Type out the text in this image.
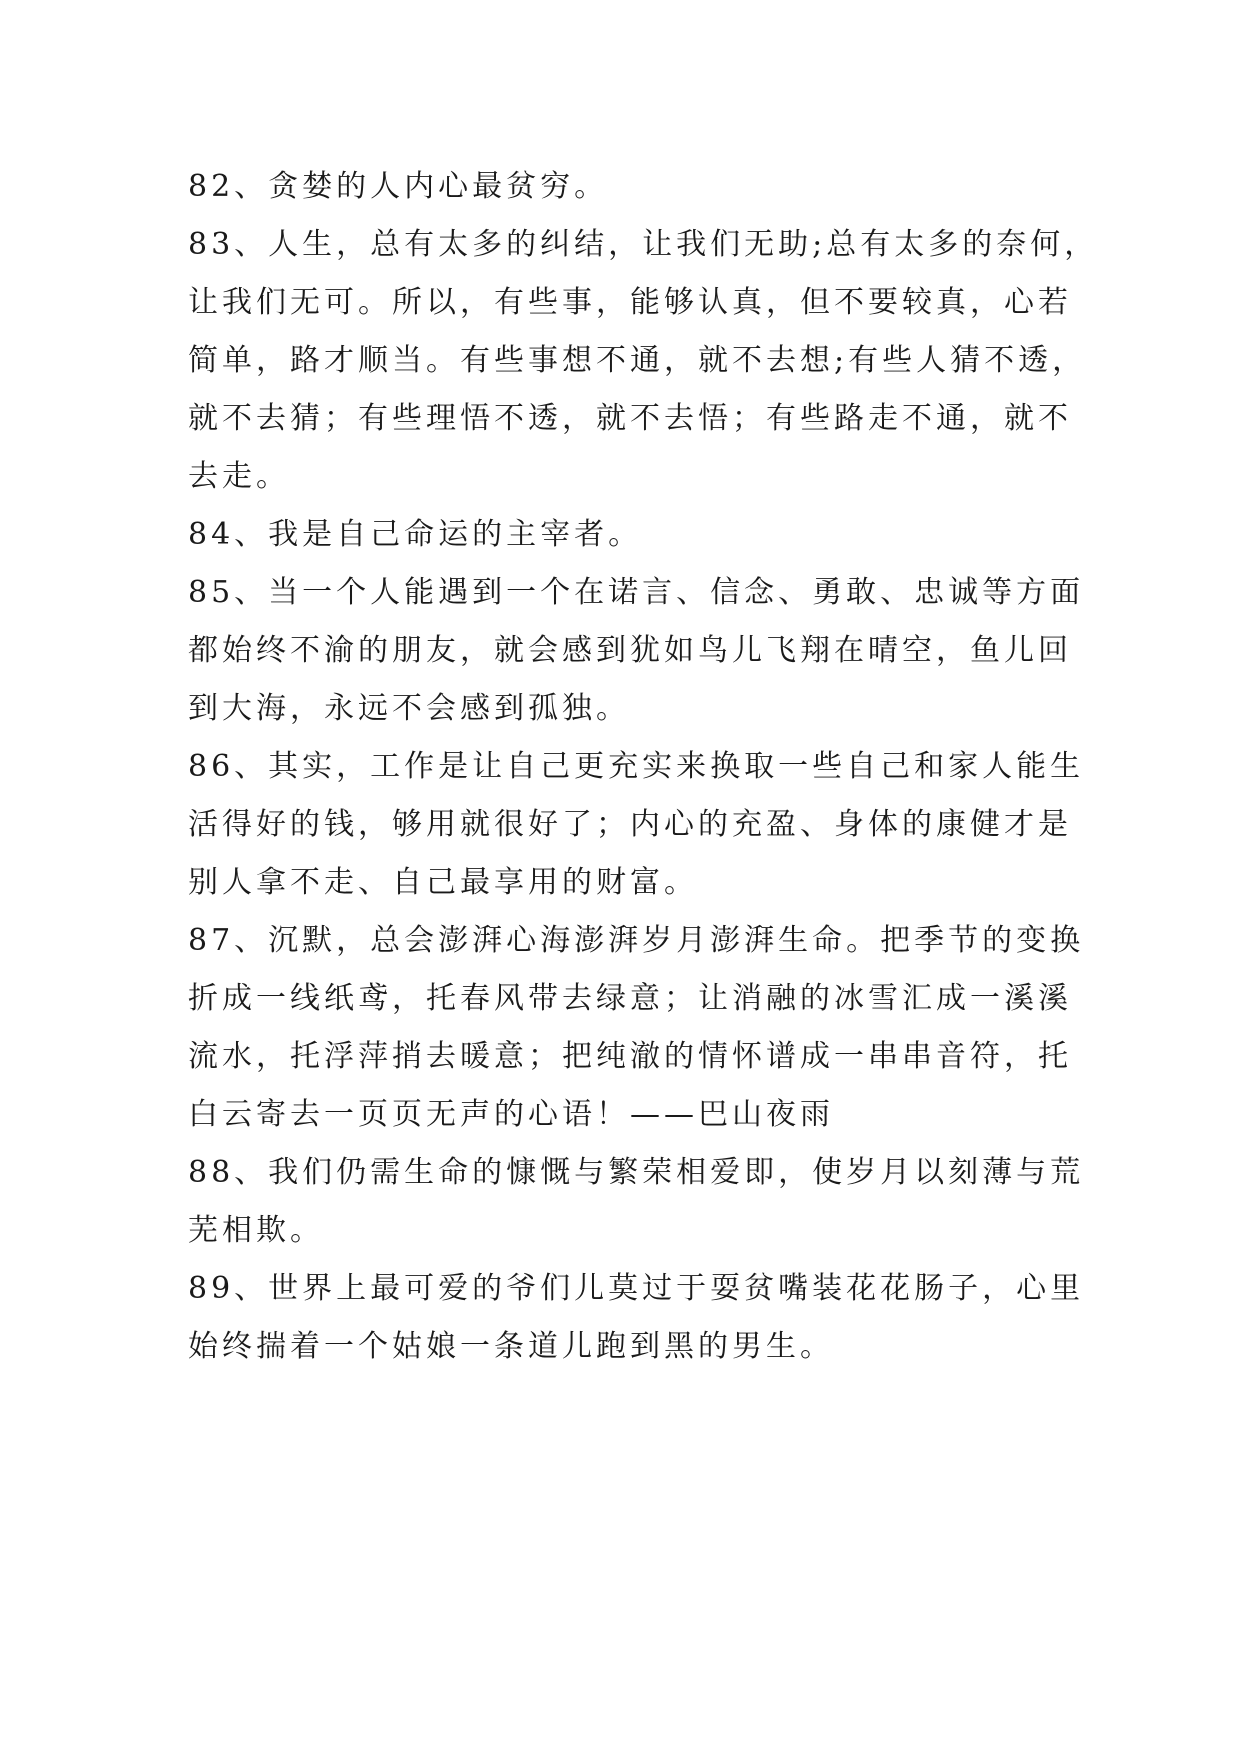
82、贪婪的人内心最贫穷。
83、人生，总有太多的纠结，让我们无助;总有太多的奈何，
让我们无可。所以，有些事，能够认真，但不要较真，心若
简单，路才顺当。有些事想不通，就不去想;有些人猜不透，
就不去猜；有些理悟不透，就不去悟；有些路走不通，就不
去走。
84、我是自己命运的主宰者。
85、当一个人能遇到一个在诺言、信念、勇敢、忠诚等方面
都始终不渝的朋友，就会感到犹如鸟儿飞翔在晴空，鱼儿回
到大海，永远不会感到孤独。
86、其实，工作是让自己更充实来换取一些自己和家人能生
活得好的钱，够用就很好了；内心的充盈、身体的康健才是
别人拿不走、自己最享用的财富。
87、沉默，总会澎湃心海澎湃岁月澎湃生命。把季节的变换
折成一线纸鸢，托春风带去绿意；让消融的冰雪汇成一溪溪
流水，托浮萍捎去暖意；把纯澈的情怀谱成一串串音符，托
白云寄去一页页无声的心语！——巴山夜雨
88、我们仍需生命的慷慨与繁荣相爱即，使岁月以刻薄与荒
芜相欺。
89、世界上最可爱的爷们儿莫过于耍贫嘴装花花肠子，心里
始终揣着一个姑娘一条道儿跑到黑的男生。
